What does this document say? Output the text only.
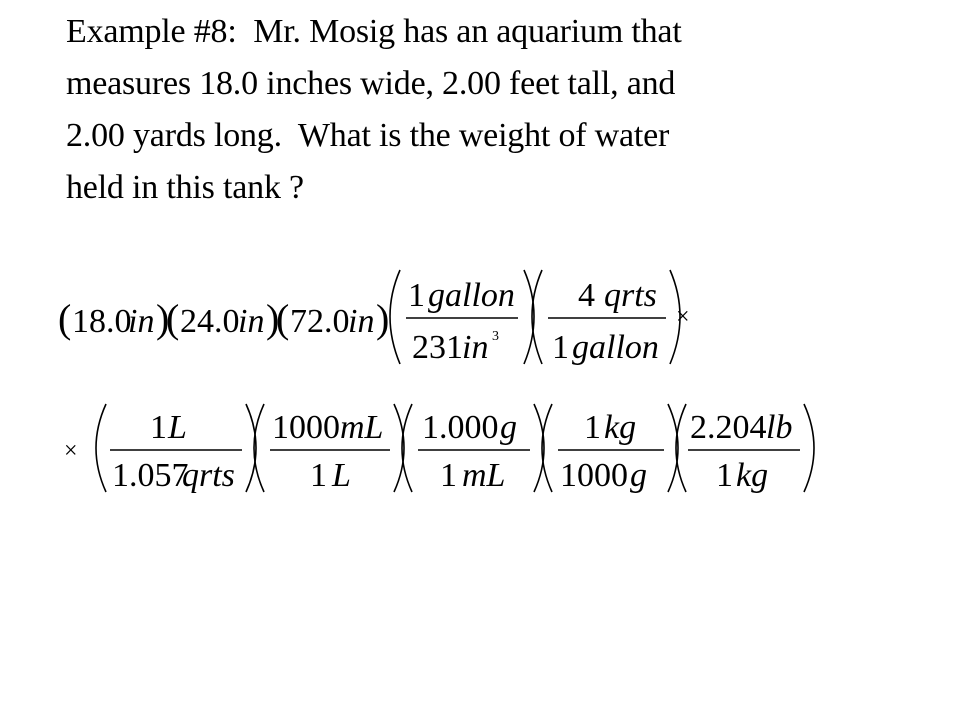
Example #8:  Mr. Mosig has an aquarium that
measures 18.0 inches wide, 2.00 feet tall, and
2.00 yards long.  What is the weight of water
held in this tank ?
( 18.0
in )
( 24.0
in )
( 72.0
in )
1 gallon
231 in 3
4 qrts
1 gallon
×
×
1 L
1.057
qrts
1000 mL
1 L
1.000 g
1 mL
1 kg
1000 g
2.204 lb
1 kg
